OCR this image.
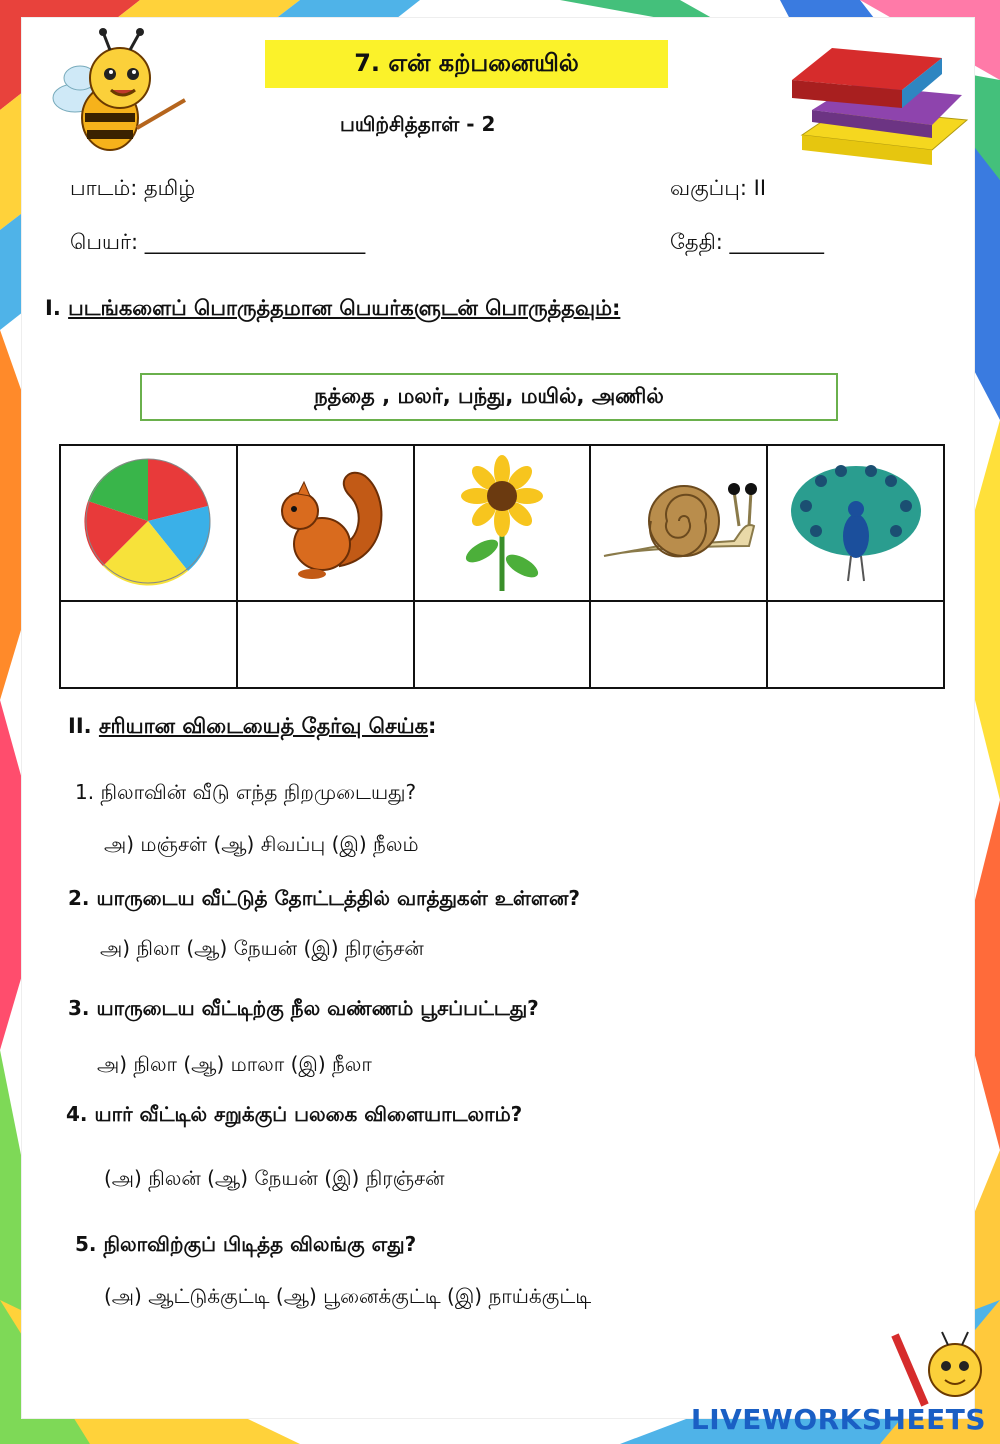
7. என் கற்பனையில்
பயிற்சித்தாள் - 2
பாடம்: தமிழ்	வகுப்பு: II
பெயர்: _____________________	தேதி: _________
I. படங்களைப் பொருத்தமான பெயர்களுடன் பொருத்தவும்:
நத்தை , மலர், பந்து, மயில், அணில்

II. சரியான விடையைத் தேர்வு செய்க:
1. நிலாவின் வீடு எந்த நிறமுடையது?
அ) மஞ்சள் (ஆ) சிவப்பு (இ) நீலம்
2. யாருடைய வீட்டுத் தோட்டத்தில் வாத்துகள் உள்ளன?
அ) நிலா (ஆ) நேயன் (இ) நிரஞ்சன்
3. யாருடைய வீட்டிற்கு நீல வண்ணம் பூசப்பட்டது?
அ) நிலா (ஆ) மாலா (இ) நீலா
4. யார் வீட்டில் சறுக்குப் பலகை விளையாடலாம்?
(அ) நிலன் (ஆ) நேயன் (இ) நிரஞ்சன்
5. நிலாவிற்குப் பிடித்த விலங்கு எது?
(அ) ஆட்டுக்குட்டி (ஆ) பூனைக்குட்டி (இ) நாய்க்குட்டி
LIVEWORKSHEETS
